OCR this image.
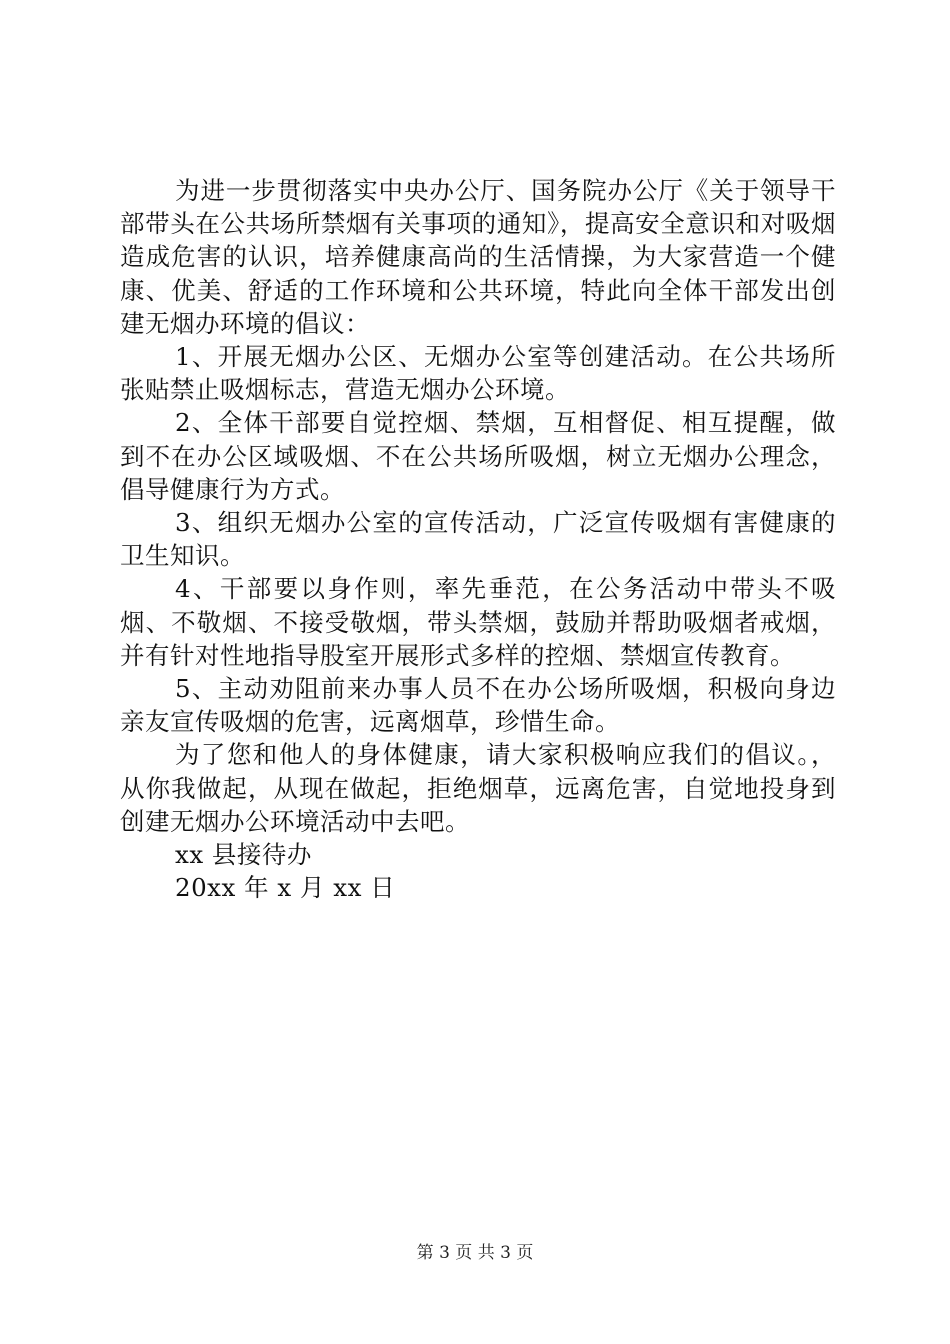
为进一步贯彻落实中央办公厅、国务院办公厅《关于领导干部带头在公共场所禁烟有关事项的通知》，提高安全意识和对吸烟造成危害的认识，培养健康高尚的生活情操，为大家营造一个健康、优美、舒适的工作环境和公共环境，特此向全体干部发出创建无烟办环境的倡议：

1、开展无烟办公区、无烟办公室等创建活动。在公共场所张贴禁止吸烟标志，营造无烟办公环境。

2、全体干部要自觉控烟、禁烟，互相督促、相互提醒，做到不在办公区域吸烟、不在公共场所吸烟，树立无烟办公理念，倡导健康行为方式。

3、组织无烟办公室的宣传活动，广泛宣传吸烟有害健康的卫生知识。

4、干部要以身作则，率先垂范，在公务活动中带头不吸烟、不敬烟、不接受敬烟，带头禁烟，鼓励并帮助吸烟者戒烟，并有针对性地指导股室开展形式多样的控烟、禁烟宣传教育。

5、主动劝阻前来办事人员不在办公场所吸烟，积极向身边亲友宣传吸烟的危害，远离烟草，珍惜生命。

为了您和他人的身体健康，请大家积极响应我们的倡议。，从你我做起，从现在做起，拒绝烟草，远离危害，自觉地投身到创建无烟办公环境活动中去吧。

xx 县接待办

20xx 年 x 月 xx 日

第 3 页 共 3 页
